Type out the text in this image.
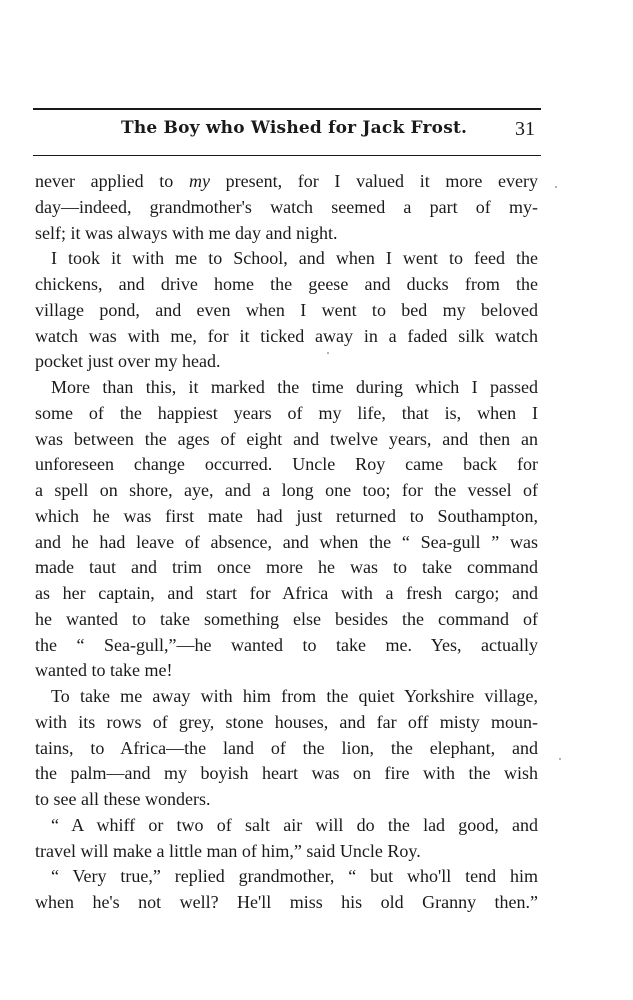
The Boy who Wished for Jack Frost. 31
never applied to my present, for I valued it more every
day—indeed, grandmother's watch seemed a part of my-
self; it was always with me day and night.
I took it with me to School, and when I went to feed the
chickens, and drive home the geese and ducks from the
village pond, and even when I went to bed my beloved
watch was with me, for it ticked away in a faded silk watch
pocket just over my head.
More than this, it marked the time during which I passed
some of the happiest years of my life, that is, when I
was between the ages of eight and twelve years, and then an
unforeseen change occurred. Uncle Roy came back for
a spell on shore, aye, and a long one too; for the vessel of
which he was first mate had just returned to Southampton,
and he had leave of absence, and when the “ Sea-gull ” was
made taut and trim once more he was to take command
as her captain, and start for Africa with a fresh cargo; and
he wanted to take something else besides the command of
the “ Sea-gull,”—he wanted to take me. Yes, actually
wanted to take me!
To take me away with him from the quiet Yorkshire village,
with its rows of grey, stone houses, and far off misty moun-
tains, to Africa—the land of the lion, the elephant, and
the palm—and my boyish heart was on fire with the wish
to see all these wonders.
“ A whiff or two of salt air will do the lad good, and
travel will make a little man of him,” said Uncle Roy.
“ Very true,” replied grandmother, “ but who'll tend him
when he's not well? He'll miss his old Granny then.”
